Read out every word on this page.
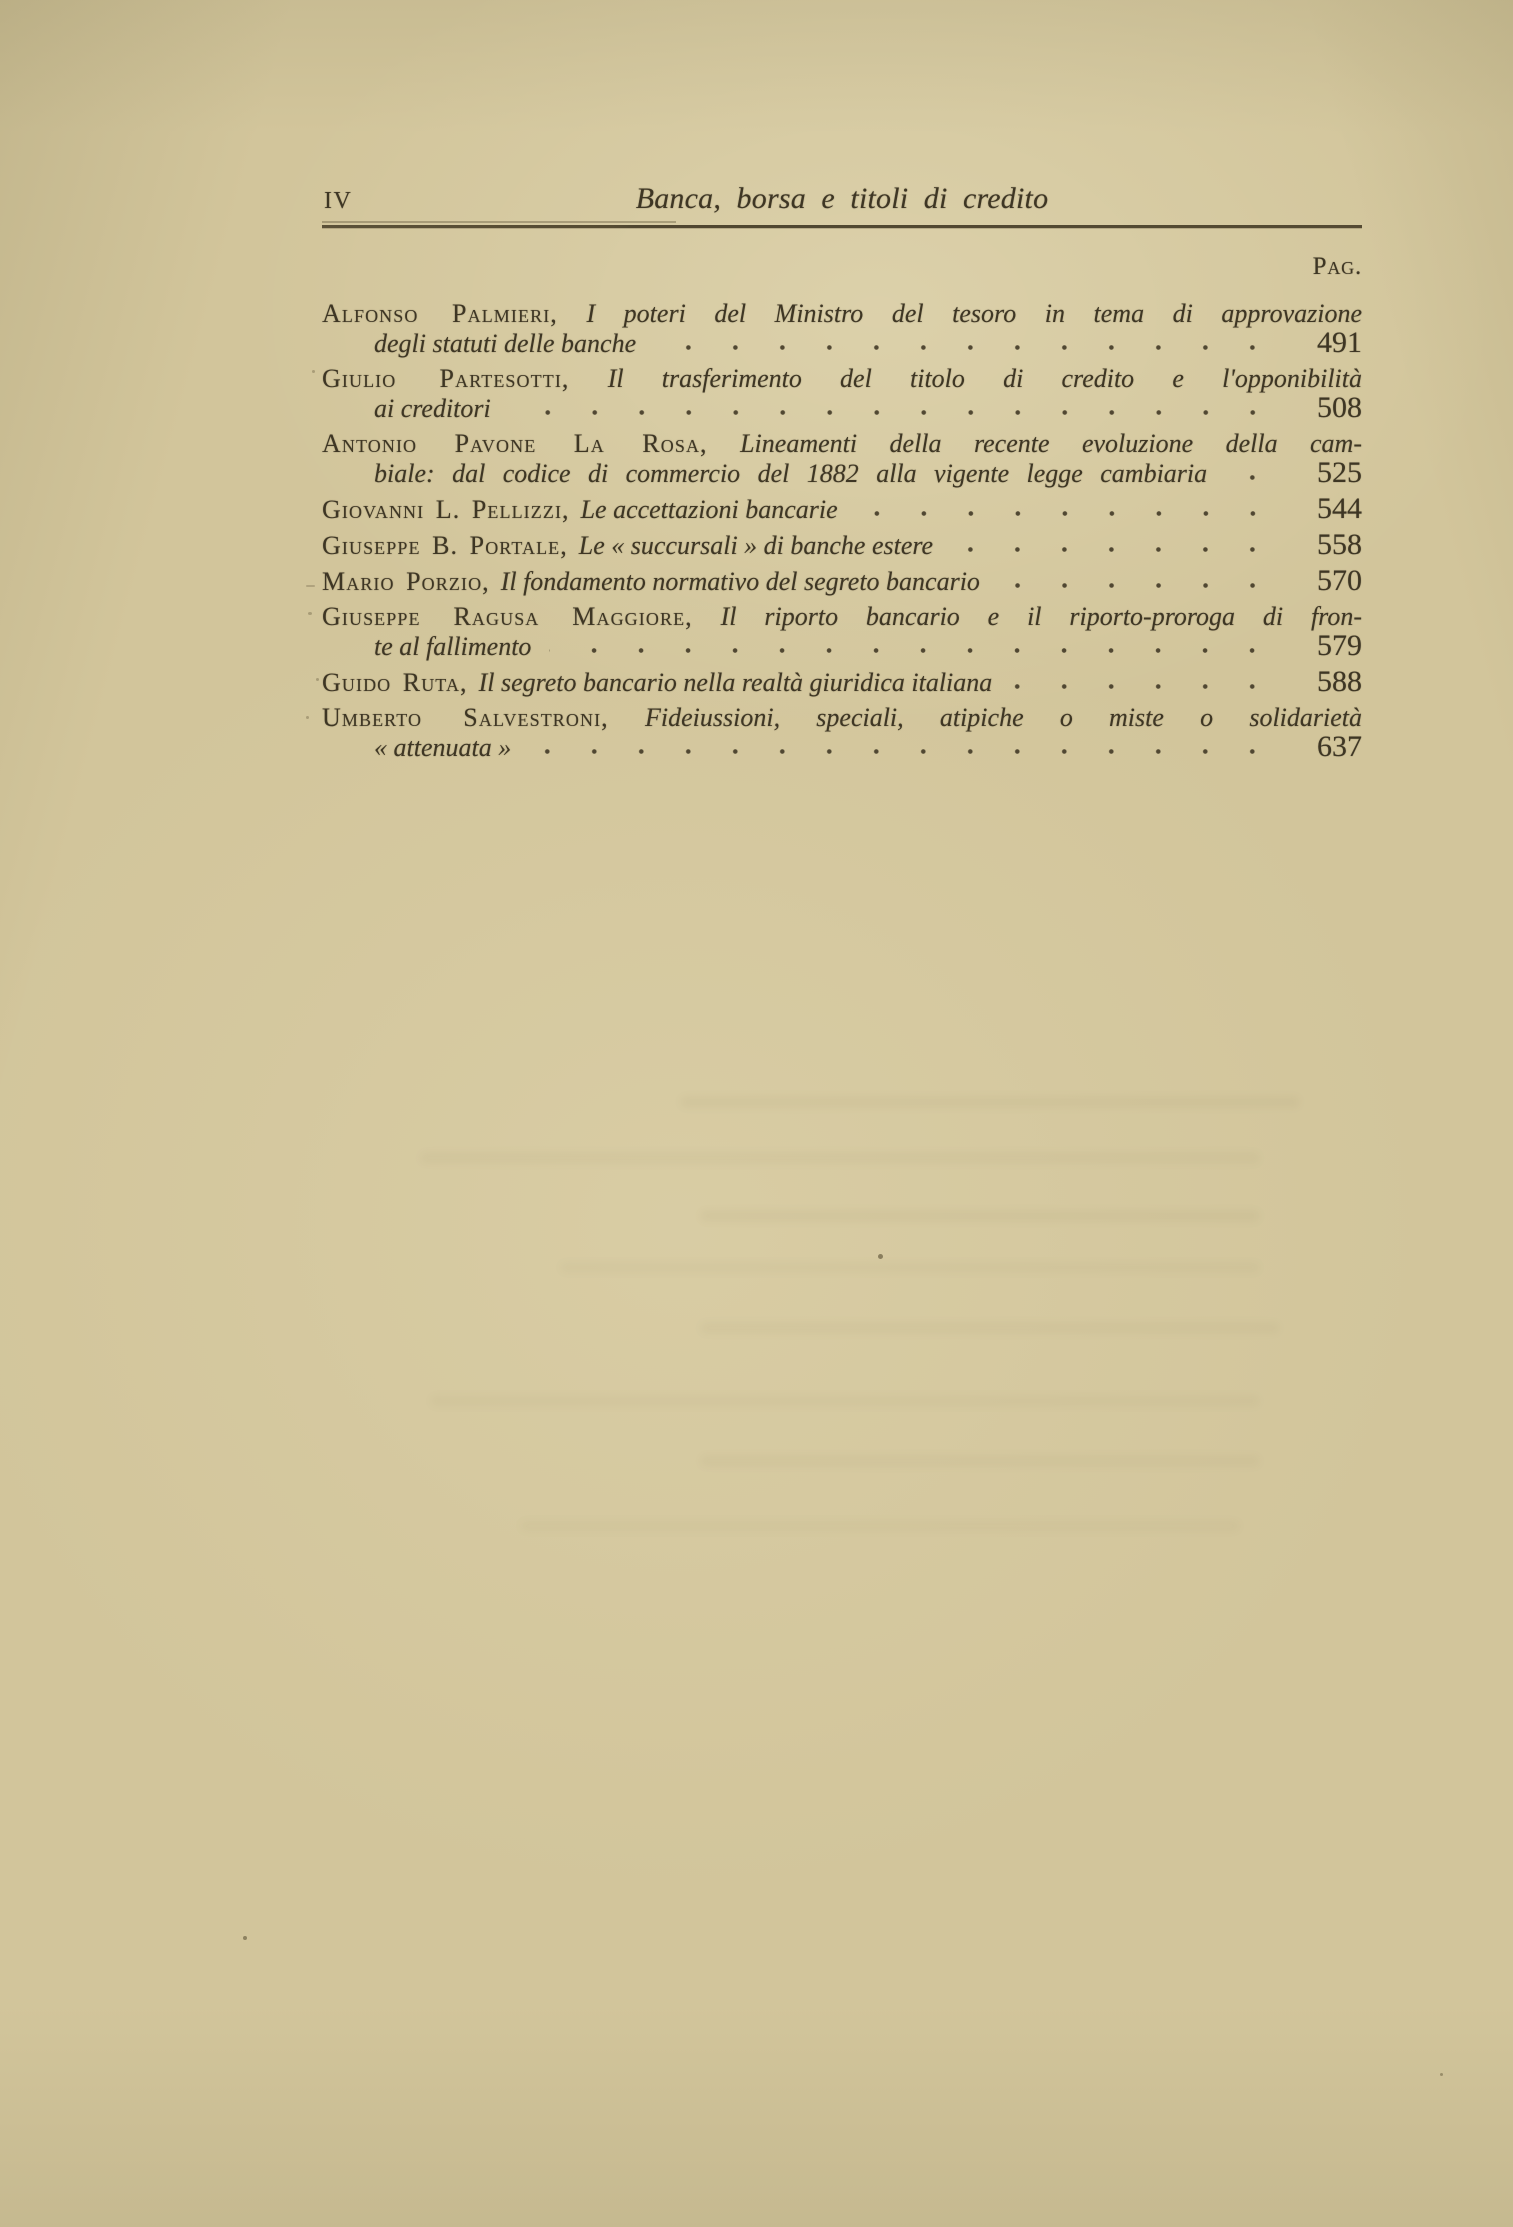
IV	Banca, borsa e titoli di credito
Pag.
Alfonso Palmieri, I poteri del Ministro del tesoro in tema di approvazione
degli statuti delle banche	491
Giulio Partesotti, Il trasferimento del titolo di credito e l'opponibilità
ai creditori	508
Antonio Pavone La Rosa, Lineamenti della recente evoluzione della cam-
biale: dal codice di commercio del 1882 alla vigente legge cambiaria	525
Giovanni L. Pellizzi, Le accettazioni bancarie	544
Giuseppe B. Portale, Le « succursali » di banche estere	558
Mario Porzio, Il fondamento normativo del segreto bancario	570
Giuseppe Ragusa Maggiore, Il riporto bancario e il riporto-proroga di fron-
te al fallimento	579
Guido Ruta, Il segreto bancario nella realtà giuridica italiana	588
Umberto Salvestroni, Fideiussioni, speciali, atipiche o miste o solidarietà
« attenuata »	637
